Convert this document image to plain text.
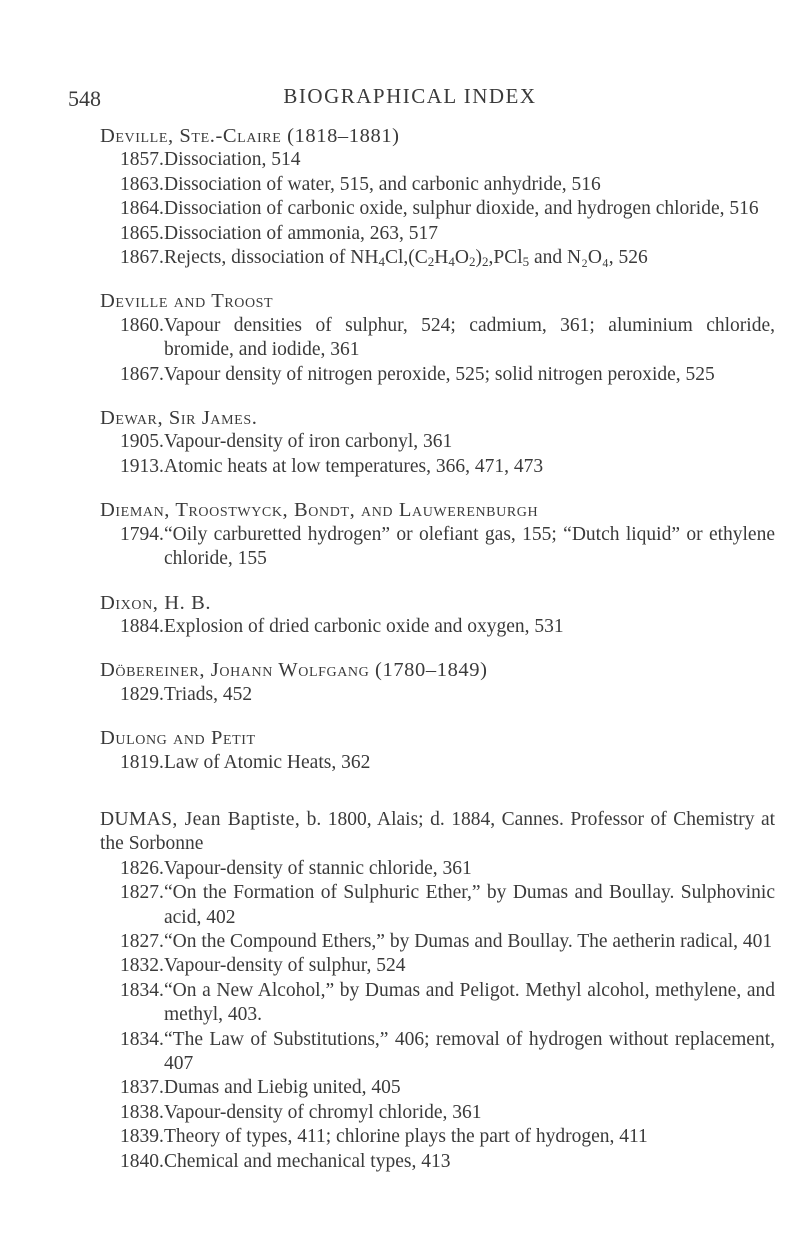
548	BIOGRAPHICAL INDEX
Deville, Ste.-Claire (1818–1881)
1857. Dissociation, 514
1863. Dissociation of water, 515, and carbonic anhydride, 516
1864. Dissociation of carbonic oxide, sulphur dioxide, and hydrogen chloride, 516
1865. Dissociation of ammonia, 263, 517
1867. Rejects, dissociation of $NH_4Cl,(C_2H_4O_2)_2,PCl_5$ and N₂O₄, 526
Deville and Troost
1860. Vapour densities of sulphur, 524; cadmium, 361; aluminium chloride, bromide, and iodide, 361
1867. Vapour density of nitrogen peroxide, 525; solid nitrogen peroxide, 525
Dewar, Sir James.
1905. Vapour-density of iron carbonyl, 361
1913. Atomic heats at low temperatures, 366, 471, 473
Dieman, Troostwyck, Bondt, and Lauwerenburgh
1794. “Oily carburetted hydrogen” or olefiant gas, 155; “Dutch liquid” or ethylene chloride, 155
Dixon, H. B.
1884. Explosion of dried carbonic oxide and oxygen, 531
Döbereiner, Johann Wolfgang (1780–1849)
1829. Triads, 452
Dulong and Petit
1819. Law of Atomic Heats, 362
DUMAS, Jean Baptiste, b. 1800, Alais; d. 1884, Cannes. Professor of Chemistry at the Sorbonne
1826. Vapour-density of stannic chloride, 361
1827. “On the Formation of Sulphuric Ether,” by Dumas and Boullay. Sulphovinic acid, 402
1827. “On the Compound Ethers,” by Dumas and Boullay. The aetherin radical, 401
1832. Vapour-density of sulphur, 524
1834. “On a New Alcohol,” by Dumas and Peligot. Methyl alcohol, methylene, and methyl, 403.
1834. “The Law of Substitutions,” 406; removal of hydrogen without replacement, 407
1837. Dumas and Liebig united, 405
1838. Vapour-density of chromyl chloride, 361
1839. Theory of types, 411; chlorine plays the part of hydrogen, 411
1840. Chemical and mechanical types, 413
